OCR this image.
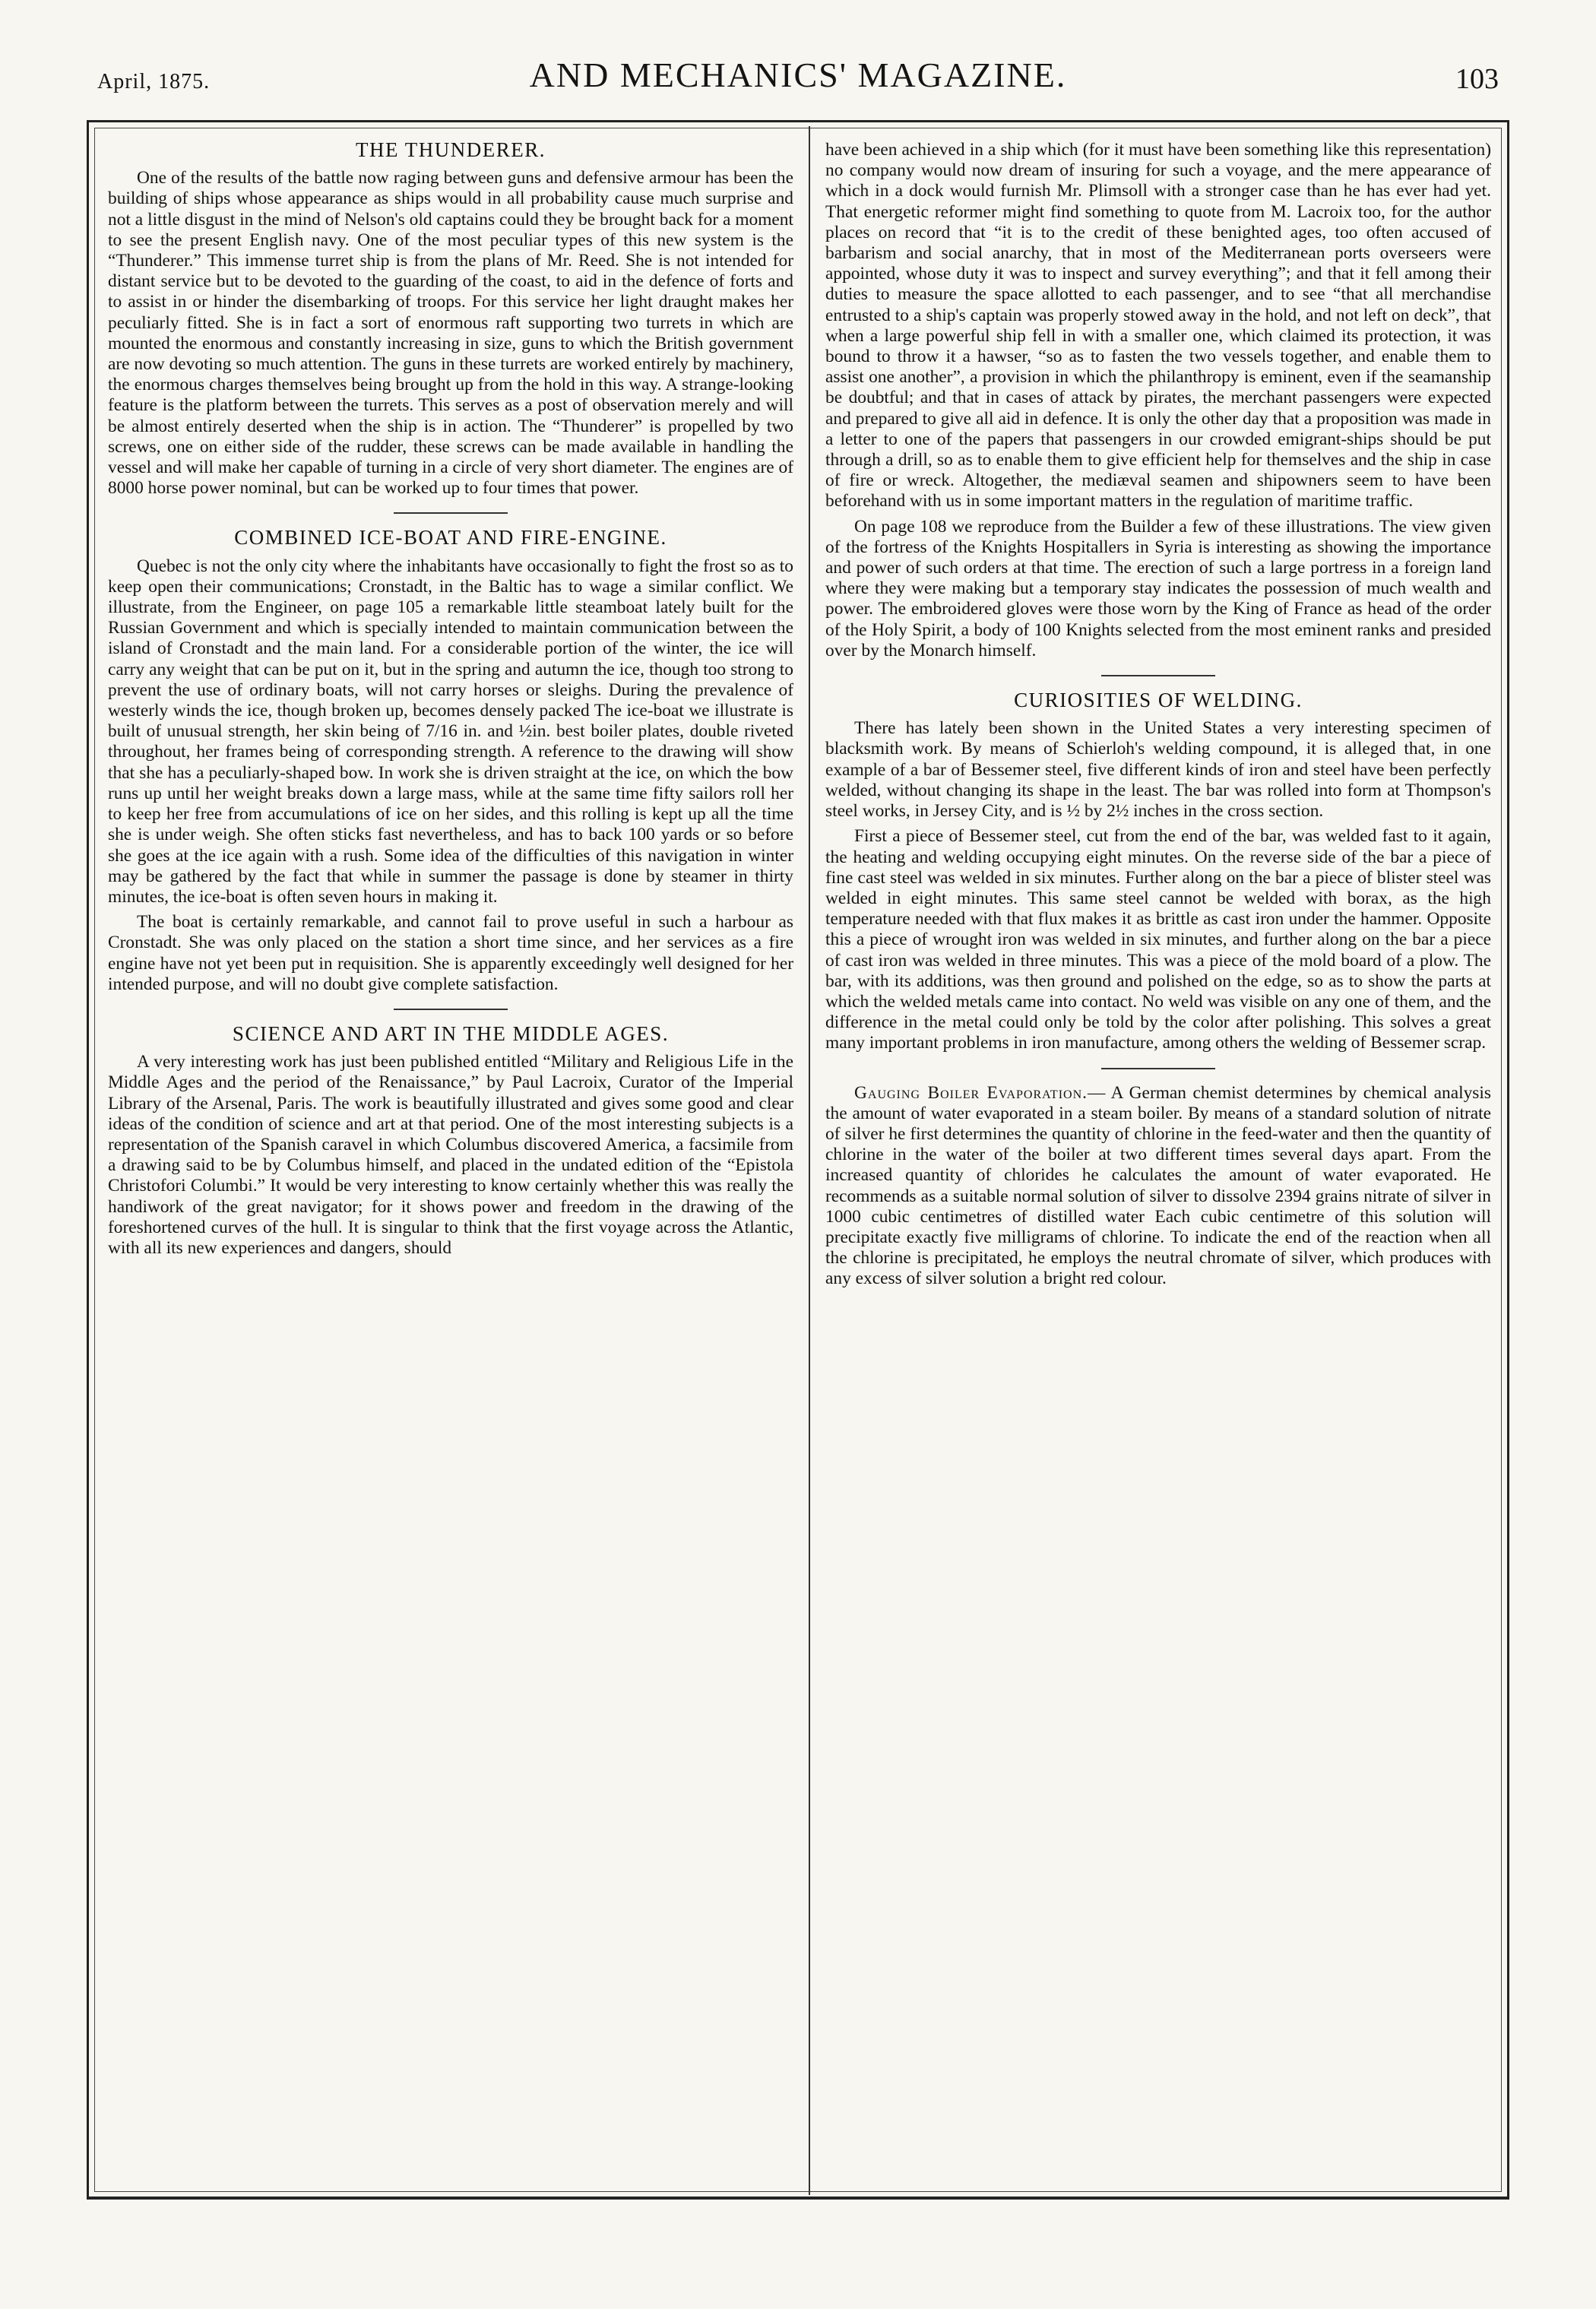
April, 1875.	AND MECHANICS' MAGAZINE.	103
THE THUNDERER.

One of the results of the battle now raging between guns and defensive armour has been the building of ships whose appearance as ships would in all probability cause much surprise and not a little disgust in the mind of Nelson's old captains could they be brought back for a moment to see the present English navy. One of the most peculiar types of this new system is the “Thunderer.” This immense turret ship is from the plans of Mr. Reed. She is not intended for distant service but to be devoted to the guarding of the coast, to aid in the defence of forts and to assist in or hinder the disembarking of troops. For this service her light draught makes her peculiarly fitted. She is in fact a sort of enormous raft supporting two turrets in which are mounted the enormous and constantly increasing in size, guns to which the British government are now devoting so much attention. The guns in these turrets are worked entirely by machinery, the enormous charges themselves being brought up from the hold in this way. A strange-looking feature is the platform between the turrets. This serves as a post of observation merely and will be almost entirely deserted when the ship is in action. The “Thunderer” is propelled by two screws, one on either side of the rudder, these screws can be made available in handling the vessel and will make her capable of turning in a circle of very short diameter. The engines are of 8000 horse power nominal, but can be worked up to four times that power.

COMBINED ICE-BOAT AND FIRE-ENGINE.

Quebec is not the only city where the inhabitants have occasionally to fight the frost so as to keep open their communications; Cronstadt, in the Baltic has to wage a similar conflict. We illustrate, from the Engineer, on page 105 a remarkable little steamboat lately built for the Russian Government and which is specially intended to maintain communication between the island of Cronstadt and the main land. For a considerable portion of the winter, the ice will carry any weight that can be put on it, but in the spring and autumn the ice, though too strong to prevent the use of ordinary boats, will not carry horses or sleighs. During the prevalence of westerly winds the ice, though broken up, becomes densely packed The ice-boat we illustrate is built of unusual strength, her skin being of 7/16 in. and ½in. best boiler plates, double riveted throughout, her frames being of corresponding strength. A reference to the drawing will show that she has a peculiarly-shaped bow. In work she is driven straight at the ice, on which the bow runs up until her weight breaks down a large mass, while at the same time fifty sailors roll her to keep her free from accumulations of ice on her sides, and this rolling is kept up all the time she is under weigh. She often sticks fast nevertheless, and has to back 100 yards or so before she goes at the ice again with a rush. Some idea of the difficulties of this navigation in winter may be gathered by the fact that while in summer the passage is done by steamer in thirty minutes, the ice-boat is often seven hours in making it.

The boat is certainly remarkable, and cannot fail to prove useful in such a harbour as Cronstadt. She was only placed on the station a short time since, and her services as a fire engine have not yet been put in requisition. She is apparently exceedingly well designed for her intended purpose, and will no doubt give complete satisfaction.

SCIENCE AND ART IN THE MIDDLE AGES.

A very interesting work has just been published entitled “Military and Religious Life in the Middle Ages and the period of the Renaissance,” by Paul Lacroix, Curator of the Imperial Library of the Arsenal, Paris. The work is beautifully illustrated and gives some good and clear ideas of the condition of science and art at that period. One of the most interesting subjects is a representation of the Spanish caravel in which Columbus discovered America, a facsimile from a drawing said to be by Columbus himself, and placed in the undated edition of the “Epistola Christofori Columbi.” It would be very interesting to know certainly whether this was really the handiwork of the great navigator; for it shows power and freedom in the drawing of the foreshortened curves of the hull. It is singular to think that the first voyage across the Atlantic, with all its new experiences and dangers, should

have been achieved in a ship which (for it must have been something like this representation) no company would now dream of insuring for such a voyage, and the mere appearance of which in a dock would furnish Mr. Plimsoll with a stronger case than he has ever had yet. That energetic reformer might find something to quote from M. Lacroix too, for the author places on record that “it is to the credit of these benighted ages, too often accused of barbarism and social anarchy, that in most of the Mediterranean ports overseers were appointed, whose duty it was to inspect and survey everything”; and that it fell among their duties to measure the space allotted to each passenger, and to see “that all merchandise entrusted to a ship's captain was properly stowed away in the hold, and not left on deck”, that when a large powerful ship fell in with a smaller one, which claimed its protection, it was bound to throw it a hawser, “so as to fasten the two vessels together, and enable them to assist one another”, a provision in which the philanthropy is eminent, even if the seamanship be doubtful; and that in cases of attack by pirates, the merchant passengers were expected and prepared to give all aid in defence. It is only the other day that a proposition was made in a letter to one of the papers that passengers in our crowded emigrant-ships should be put through a drill, so as to enable them to give efficient help for themselves and the ship in case of fire or wreck. Altogether, the mediæval seamen and shipowners seem to have been beforehand with us in some important matters in the regulation of maritime traffic.

On page 108 we reproduce from the Builder a few of these illustrations. The view given of the fortress of the Knights Hospitallers in Syria is interesting as showing the importance and power of such orders at that time. The erection of such a large portress in a foreign land where they were making but a temporary stay indicates the possession of much wealth and power. The embroidered gloves were those worn by the King of France as head of the order of the Holy Spirit, a body of 100 Knights selected from the most eminent ranks and presided over by the Monarch himself.

CURIOSITIES OF WELDING.

There has lately been shown in the United States a very interesting specimen of blacksmith work. By means of Schierloh's welding compound, it is alleged that, in one example of a bar of Bessemer steel, five different kinds of iron and steel have been perfectly welded, without changing its shape in the least. The bar was rolled into form at Thompson's steel works, in Jersey City, and is ½ by 2½ inches in the cross section.

First a piece of Bessemer steel, cut from the end of the bar, was welded fast to it again, the heating and welding occupying eight minutes. On the reverse side of the bar a piece of fine cast steel was welded in six minutes. Further along on the bar a piece of blister steel was welded in eight minutes. This same steel cannot be welded with borax, as the high temperature needed with that flux makes it as brittle as cast iron under the hammer. Opposite this a piece of wrought iron was welded in six minutes, and further along on the bar a piece of cast iron was welded in three minutes. This was a piece of the mold board of a plow. The bar, with its additions, was then ground and polished on the edge, so as to show the parts at which the welded metals came into contact. No weld was visible on any one of them, and the difference in the metal could only be told by the color after polishing. This solves a great many important problems in iron manufacture, among others the welding of Bessemer scrap.

Gauging Boiler Evaporation.— A German chemist determines by chemical analysis the amount of water evaporated in a steam boiler. By means of a standard solution of nitrate of silver he first determines the quantity of chlorine in the feed-water and then the quantity of chlorine in the water of the boiler at two different times several days apart. From the increased quantity of chlorides he calculates the amount of water evaporated. He recommends as a suitable normal solution of silver to dissolve 2394 grains nitrate of silver in 1000 cubic centimetres of distilled water Each cubic centimetre of this solution will precipitate exactly five milligrams of chlorine. To indicate the end of the reaction when all the chlorine is precipitated, he employs the neutral chromate of silver, which produces with any excess of silver solution a bright red colour.
